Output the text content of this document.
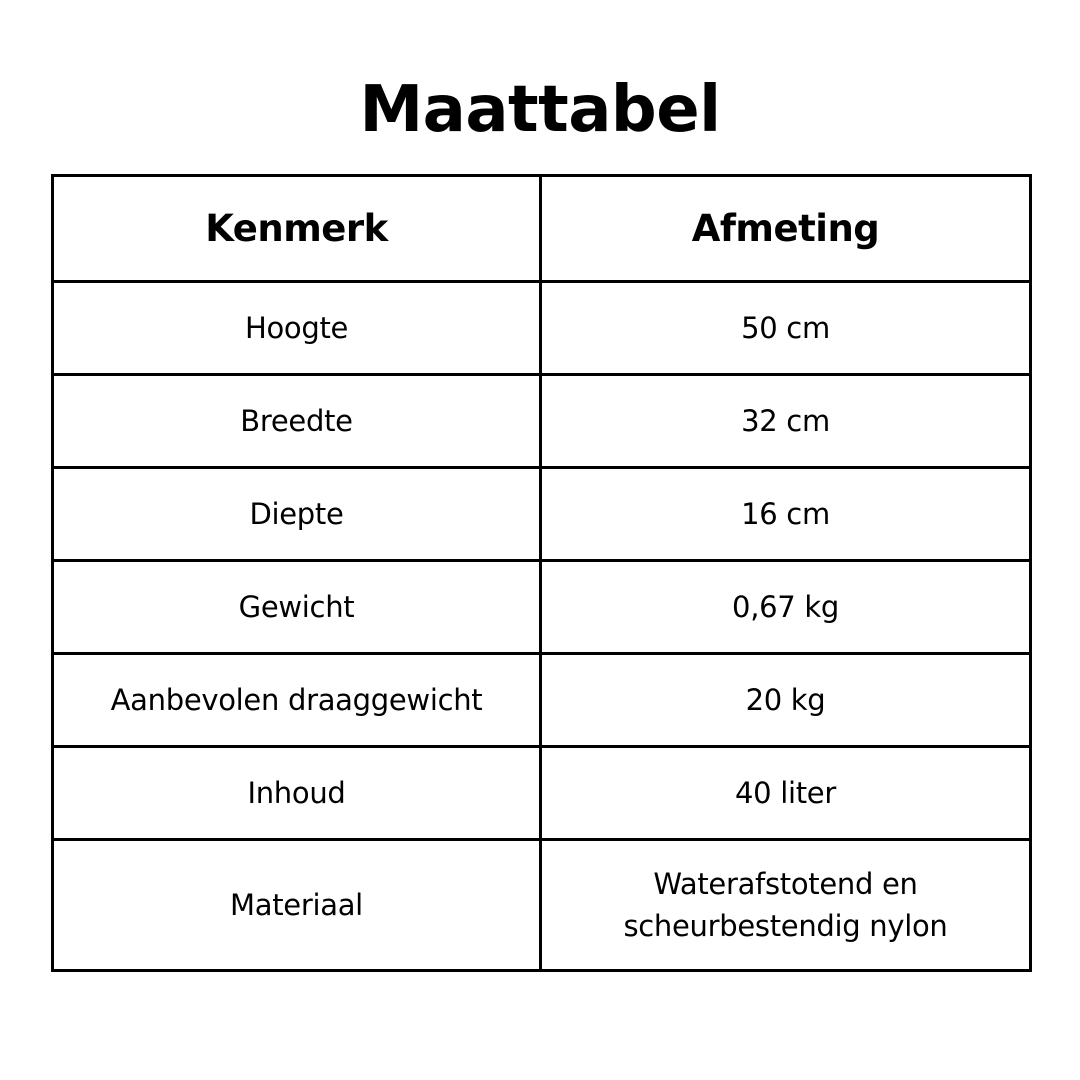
Maattabel
Kenmerk	Afmeting
Hoogte	50 cm
Breedte	32 cm
Diepte	16 cm
Gewicht	0,67 kg
Aanbevolen draaggewicht	20 kg
Inhoud	40 liter
Materiaal	Waterafstotend en
scheurbestendig nylon
